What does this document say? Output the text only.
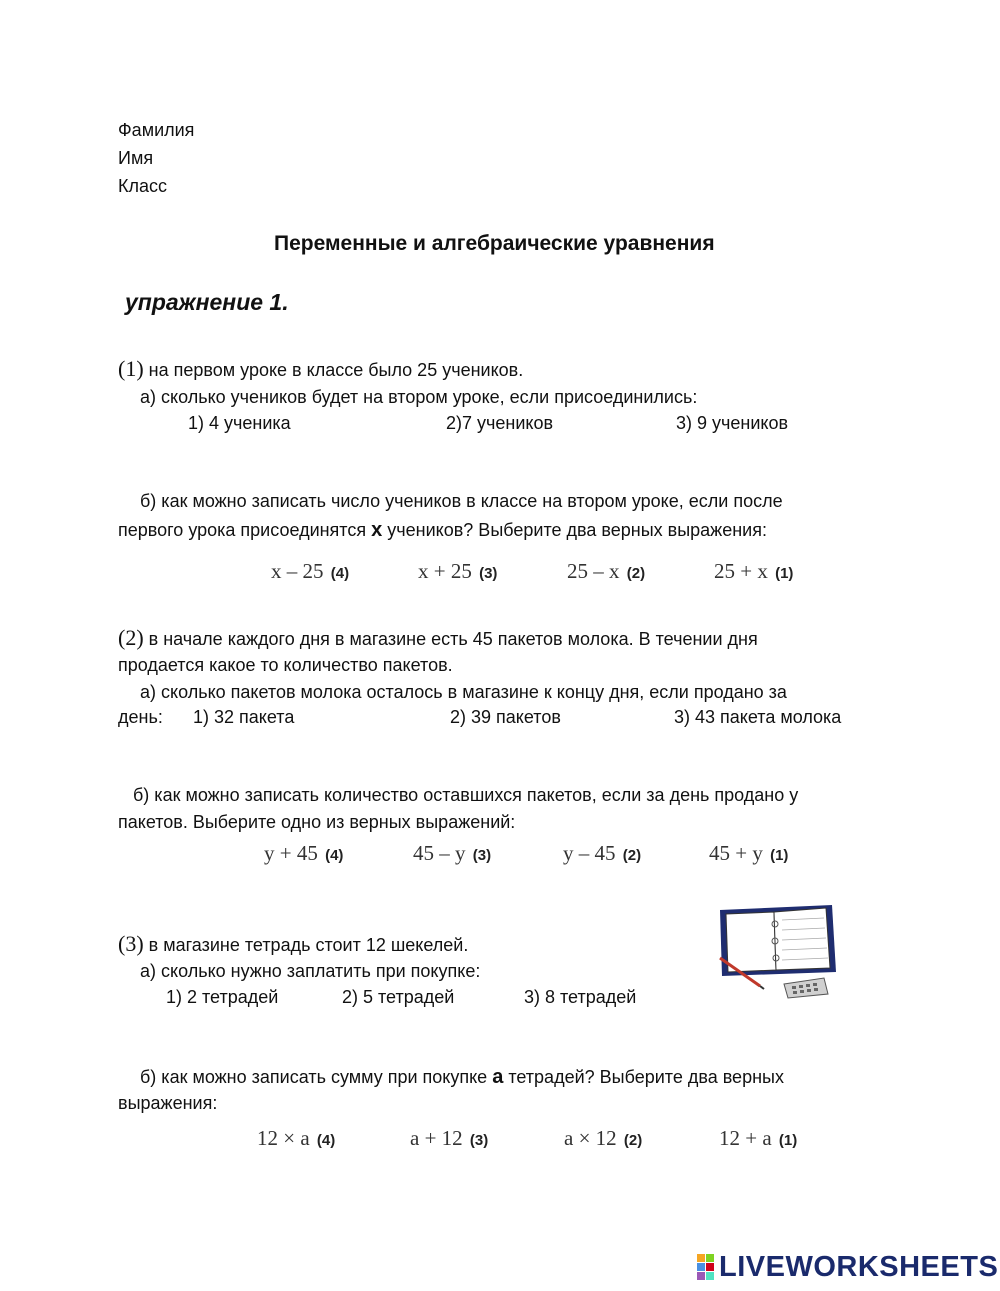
Фамилия
Имя
Класс
Переменные и алгебраические уравнения
упражнение 1.
(1) на первом уроке в классе было 25 учеников.
а) сколько учеников будет на втором уроке, если присоединились:
1) 4 ученика	2)7 учеников	3) 9 учеников
б) как можно записать число учеников в классе на втором уроке, если после
первого урока присоединятся x учеников? Выберите два верных выражения:
x – 25 (4)	x + 25 (3)	25 – x (2)	25 + x (1)
(2) в начале каждого дня в магазине есть 45 пакетов молока. В течении дня
продается какое то количество пакетов.
а) сколько пакетов молока осталось в магазине к концу дня, если продано за
день: 1) 32 пакета	2) 39 пакетов	3) 43 пакета молока
б) как можно записать количество оставшихся пакетов, если за день продано у
пакетов. Выберите одно из верных выражений:
y + 45 (4)	45 – y (3)	y – 45 (2)	45 + y (1)
(3) в магазине тетрадь стоит 12 шекелей.
а) сколько нужно заплатить при покупке:
1) 2 тетрадей	2) 5 тетрадей	3) 8 тетрадей
б) как можно записать сумму при покупке a тетрадей? Выберите два верных
выражения:
12 × a (4)	a + 12 (3)	a × 12 (2)	12 + a (1)
LIVEWORKSHEETS
